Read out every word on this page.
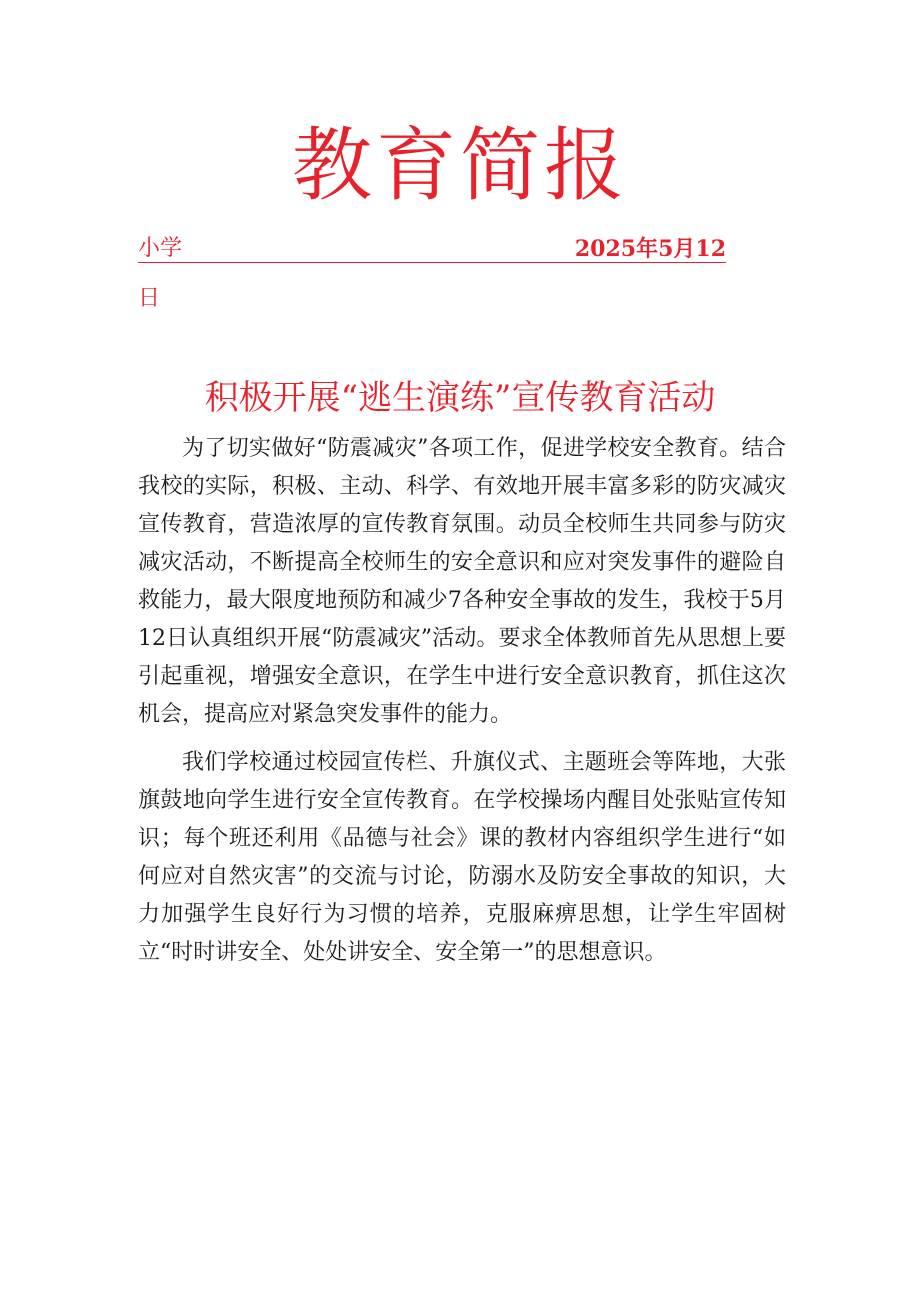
教育简报
小学	2025年5月12
日
积极开展“逃生演练”宣传教育活动

为了切实做好“防震减灾”各项工作，促进学校安全教育。结合我校的实际，积极、主动、科学、有效地开展丰富多彩的防灾减灾宣传教育，营造浓厚的宣传教育氛围。动员全校师生共同参与防灾减灾活动，不断提高全校师生的安全意识和应对突发事件的避险自救能力，最大限度地预防和减少7各种安全事故的发生，我校于5月12日认真组织开展“防震减灾”活动。要求全体教师首先从思想上要引起重视，增强安全意识，在学生中进行安全意识教育，抓住这次机会，提高应对紧急突发事件的能力。

我们学校通过校园宣传栏、升旗仪式、主题班会等阵地，大张旗鼓地向学生进行安全宣传教育。在学校操场内醒目处张贴宣传知识；每个班还利用《品德与社会》课的教材内容组织学生进行“如何应对自然灾害”的交流与讨论，防溺水及防安全事故的知识，大力加强学生良好行为习惯的培养，克服麻痹思想，让学生牢固树立“时时讲安全、处处讲安全、安全第一”的思想意识。
